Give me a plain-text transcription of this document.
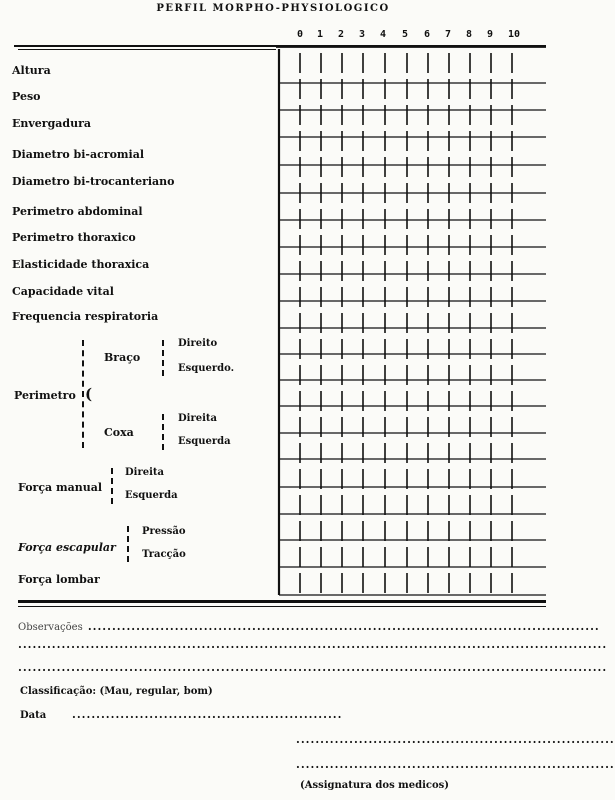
PERFIL MORPHO-PHYSIOLOGICO
0 1 2 3 4 5 6 7 8 9 10
Altura
Peso
Envergadura
Diametro bi-acromial
Diametro bi-trocanteriano
Perimetro abdominal
Perimetro thoraxico
Elasticidade thoraxica
Capacidade vital
Frequencia respiratoria
Perimetro (
Braço
Direito
Esquerdo.
Coxa
Direita
Esquerda
Força manual
Direita
Esquerda
Força escapular
Pressão
Tracção
Força lombar
Observações ..........................................................................................................
..........................................................................................................................
..........................................................................................................................
Classificação: (Mau, regular, bom)
Data ........................................................
..................................................................
..................................................................
(Assignatura dos medicos)
